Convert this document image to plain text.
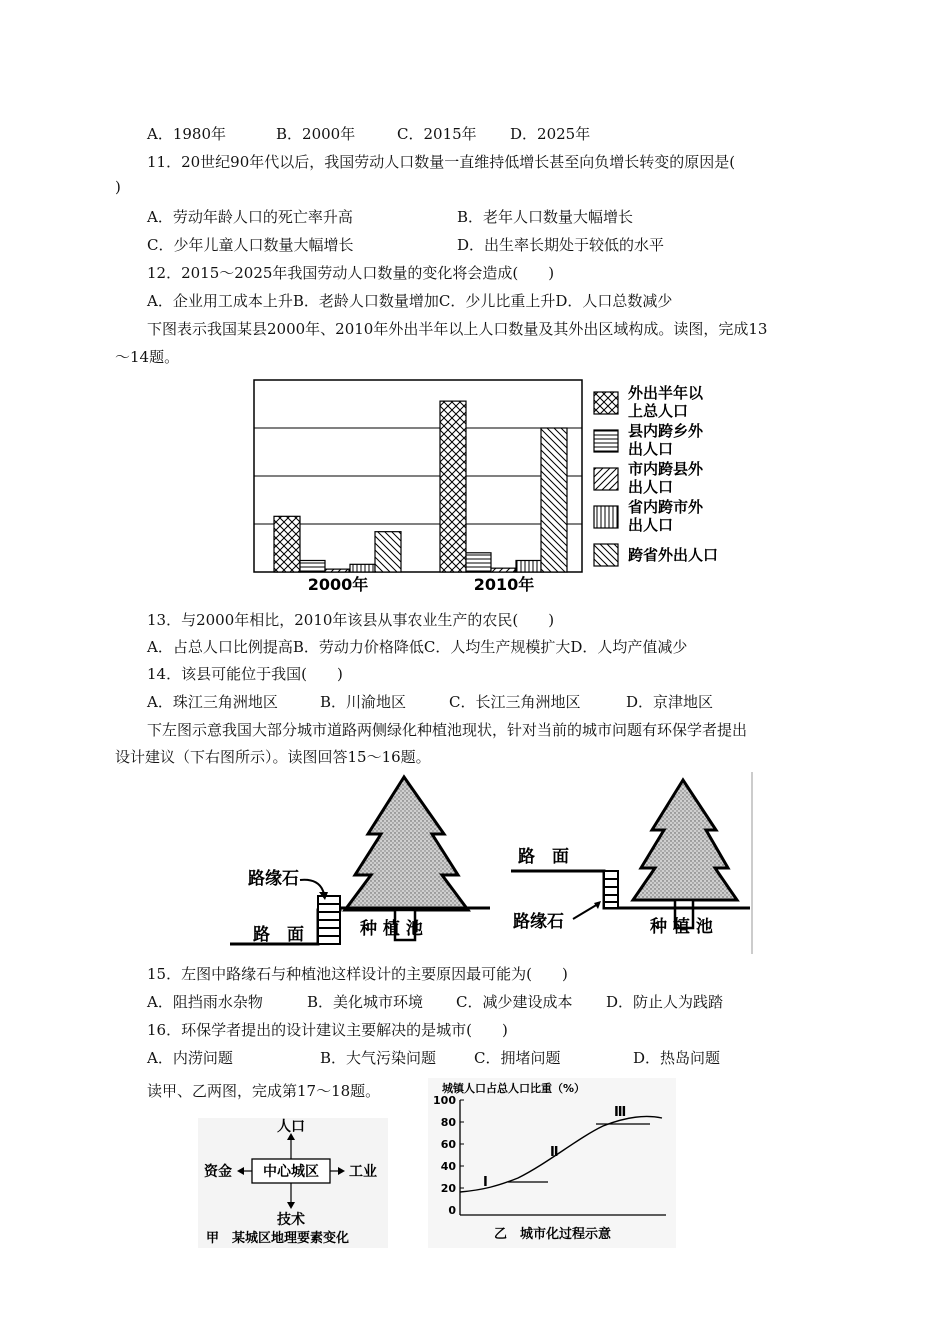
A．1980年	B．2000年	C．2015年 D．2025年
11．20世纪90年代以后，我国劳动人口数量一直维持低增长甚至向负增长转变的原因是(
)
A．劳动年龄人口的死亡率升高	B．老年人口数量大幅增长
C．少年儿童人口数量大幅增长	D．出生率长期处于较低的水平
12．2015～2025年我国劳动人口数量的变化将会造成(　　)
A．企业用工成本上升B．老龄人口数量增加C．少儿比重上升D．人口总数减少
下图表示我国某县2000年、2010年外出半年以上人口数量及其外出区域构成。读图，完成13
～14题。
2000年	2010年
外出半年以
上总人口
县内跨乡外
出人口
市内跨县外
出人口
省内跨市外
出人口
跨省外出人口
13．与2000年相比，2010年该县从事农业生产的农民(　　)
A．占总人口比例提高B．劳动力价格降低C．人均生产规模扩大D．人均产值减少
14．该县可能位于我国(　　)
A．珠江三角洲地区	B．川渝地区	C．长江三角洲地区	D．京津地区
下左图示意我国大部分城市道路两侧绿化种植池现状，针对当前的城市问题有环保学者提出
设计建议（下右图所示）。读图回答15～16题。
路缘石
路　面	种 植 池
路　面
路缘石	种 植 池
15．左图中路缘石与种植池这样设计的主要原因最可能为(　　)
A．阻挡雨水杂物	B．美化城市环境 C．减少建设成本 D．防止人为践踏
16．环保学者提出的设计建议主要解决的是城市(　　)
A．内涝问题	B．大气污染问题	C．拥堵问题	D．热岛问题
读甲、乙两图，完成第17～18题。
中心城区
人口
技术
资金	工业
甲　某城区地理要素变化
城镇人口占总人口比重（%）
100
80
60
40
20
0
Ⅰ
Ⅱ
Ⅲ
乙　城市化过程示意
